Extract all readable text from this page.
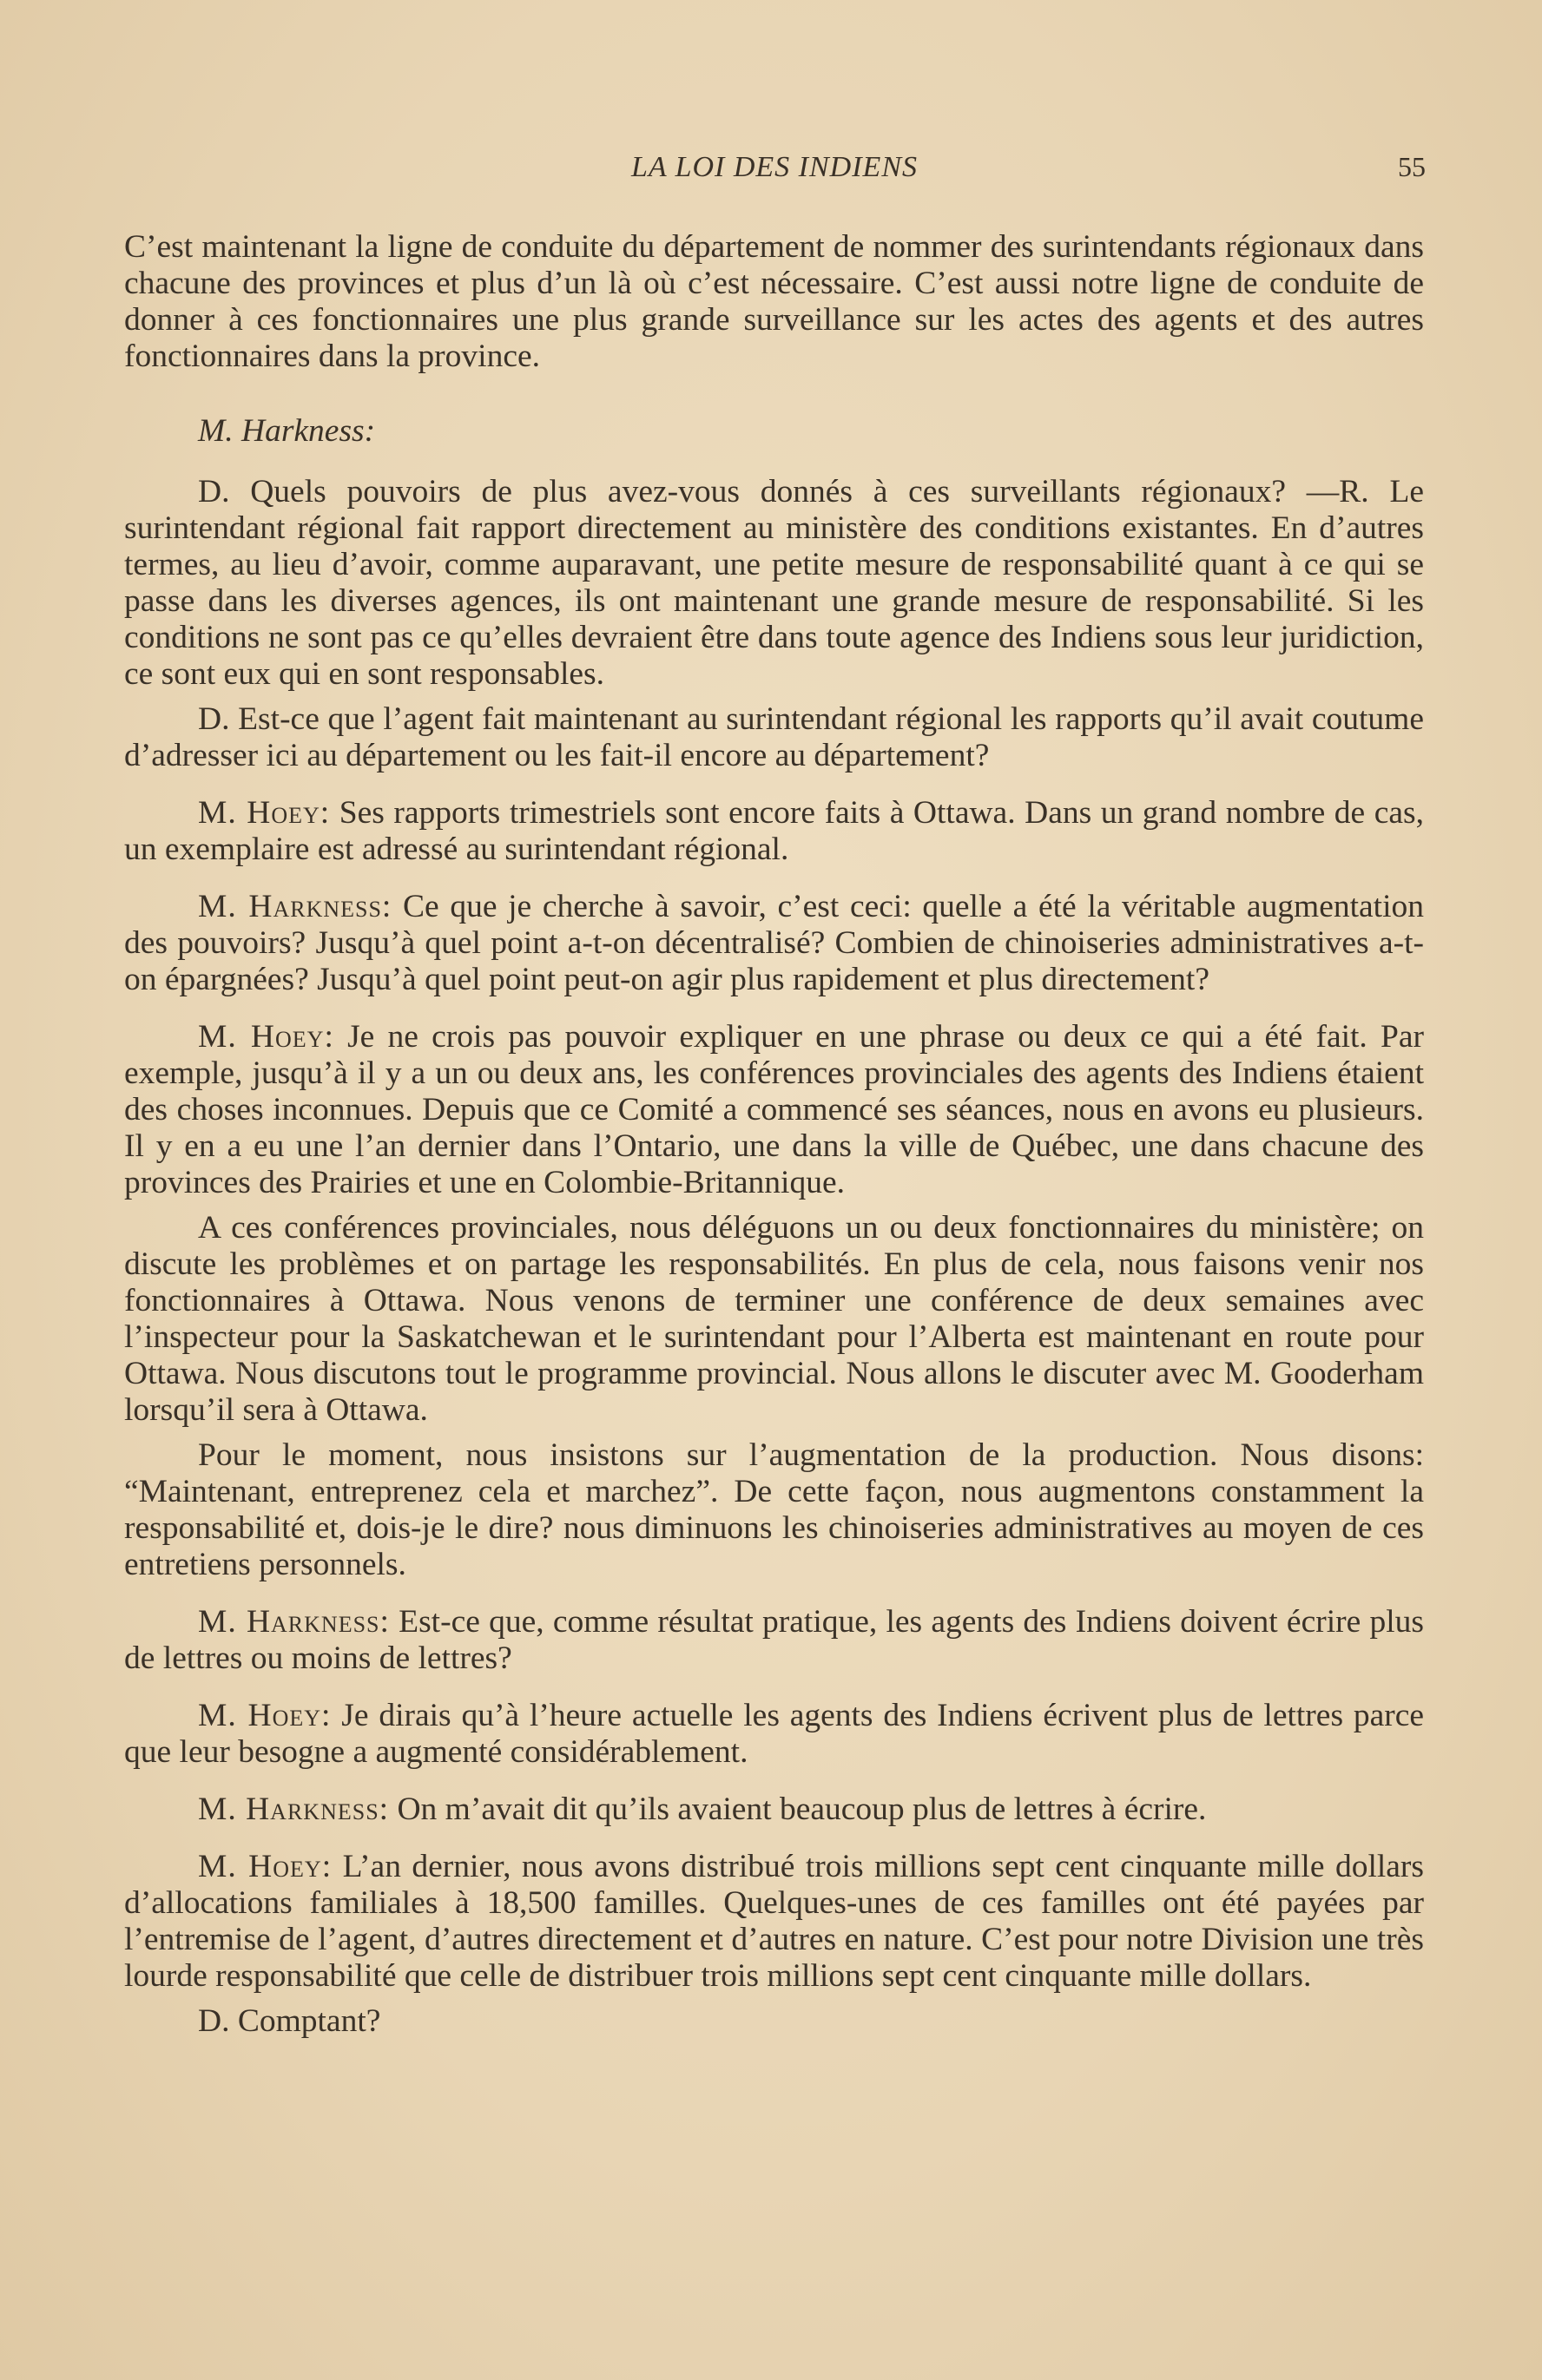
LA LOI DES INDIENS	55

C’est maintenant la ligne de conduite du département de nommer des surintendants régionaux dans chacune des provinces et plus d’un là où c’est nécessaire. C’est aussi notre ligne de conduite de donner à ces fonctionnaires une plus grande surveillance sur les actes des agents et des autres fonctionnaires dans la province.

M. Harkness:

D. Quels pouvoirs de plus avez-vous donnés à ces surveillants régionaux? —R. Le surintendant régional fait rapport directement au ministère des conditions existantes. En d’autres termes, au lieu d’avoir, comme auparavant, une petite mesure de responsabilité quant à ce qui se passe dans les diverses agences, ils ont maintenant une grande mesure de responsabilité. Si les conditions ne sont pas ce qu’elles devraient être dans toute agence des Indiens sous leur juridiction, ce sont eux qui en sont responsables.

D. Est-ce que l’agent fait maintenant au surintendant régional les rapports qu’il avait coutume d’adresser ici au département ou les fait-il encore au département?

M. Hoey: Ses rapports trimestriels sont encore faits à Ottawa. Dans un grand nombre de cas, un exemplaire est adressé au surintendant régional.

M. Harkness: Ce que je cherche à savoir, c’est ceci: quelle a été la véritable augmentation des pouvoirs? Jusqu’à quel point a-t-on décentralisé? Combien de chinoiseries administratives a-t-on épargnées? Jusqu’à quel point peut-on agir plus rapidement et plus directement?

M. Hoey: Je ne crois pas pouvoir expliquer en une phrase ou deux ce qui a été fait. Par exemple, jusqu’à il y a un ou deux ans, les conférences provinciales des agents des Indiens étaient des choses inconnues. Depuis que ce Comité a commencé ses séances, nous en avons eu plusieurs. Il y en a eu une l’an dernier dans l’Ontario, une dans la ville de Québec, une dans chacune des provinces des Prairies et une en Colombie-Britannique.

A ces conférences provinciales, nous déléguons un ou deux fonctionnaires du ministère; on discute les problèmes et on partage les responsabilités. En plus de cela, nous faisons venir nos fonctionnaires à Ottawa. Nous venons de terminer une conférence de deux semaines avec l’inspecteur pour la Saskatchewan et le surintendant pour l’Alberta est maintenant en route pour Ottawa. Nous discutons tout le programme provincial. Nous allons le discuter avec M. Gooderham lorsqu’il sera à Ottawa.

Pour le moment, nous insistons sur l’augmentation de la production. Nous disons: “Maintenant, entreprenez cela et marchez”. De cette façon, nous augmentons constamment la responsabilité et, dois-je le dire? nous diminuons les chinoiseries administratives au moyen de ces entretiens personnels.

M. Harkness: Est-ce que, comme résultat pratique, les agents des Indiens doivent écrire plus de lettres ou moins de lettres?

M. Hoey: Je dirais qu’à l’heure actuelle les agents des Indiens écrivent plus de lettres parce que leur besogne a augmenté considérablement.

M. Harkness: On m’avait dit qu’ils avaient beaucoup plus de lettres à écrire.

M. Hoey: L’an dernier, nous avons distribué trois millions sept cent cinquante mille dollars d’allocations familiales à 18,500 familles. Quelques-unes de ces familles ont été payées par l’entremise de l’agent, d’autres directement et d’autres en nature. C’est pour notre Division une très lourde responsabilité que celle de distribuer trois millions sept cent cinquante mille dollars.

D. Comptant?
